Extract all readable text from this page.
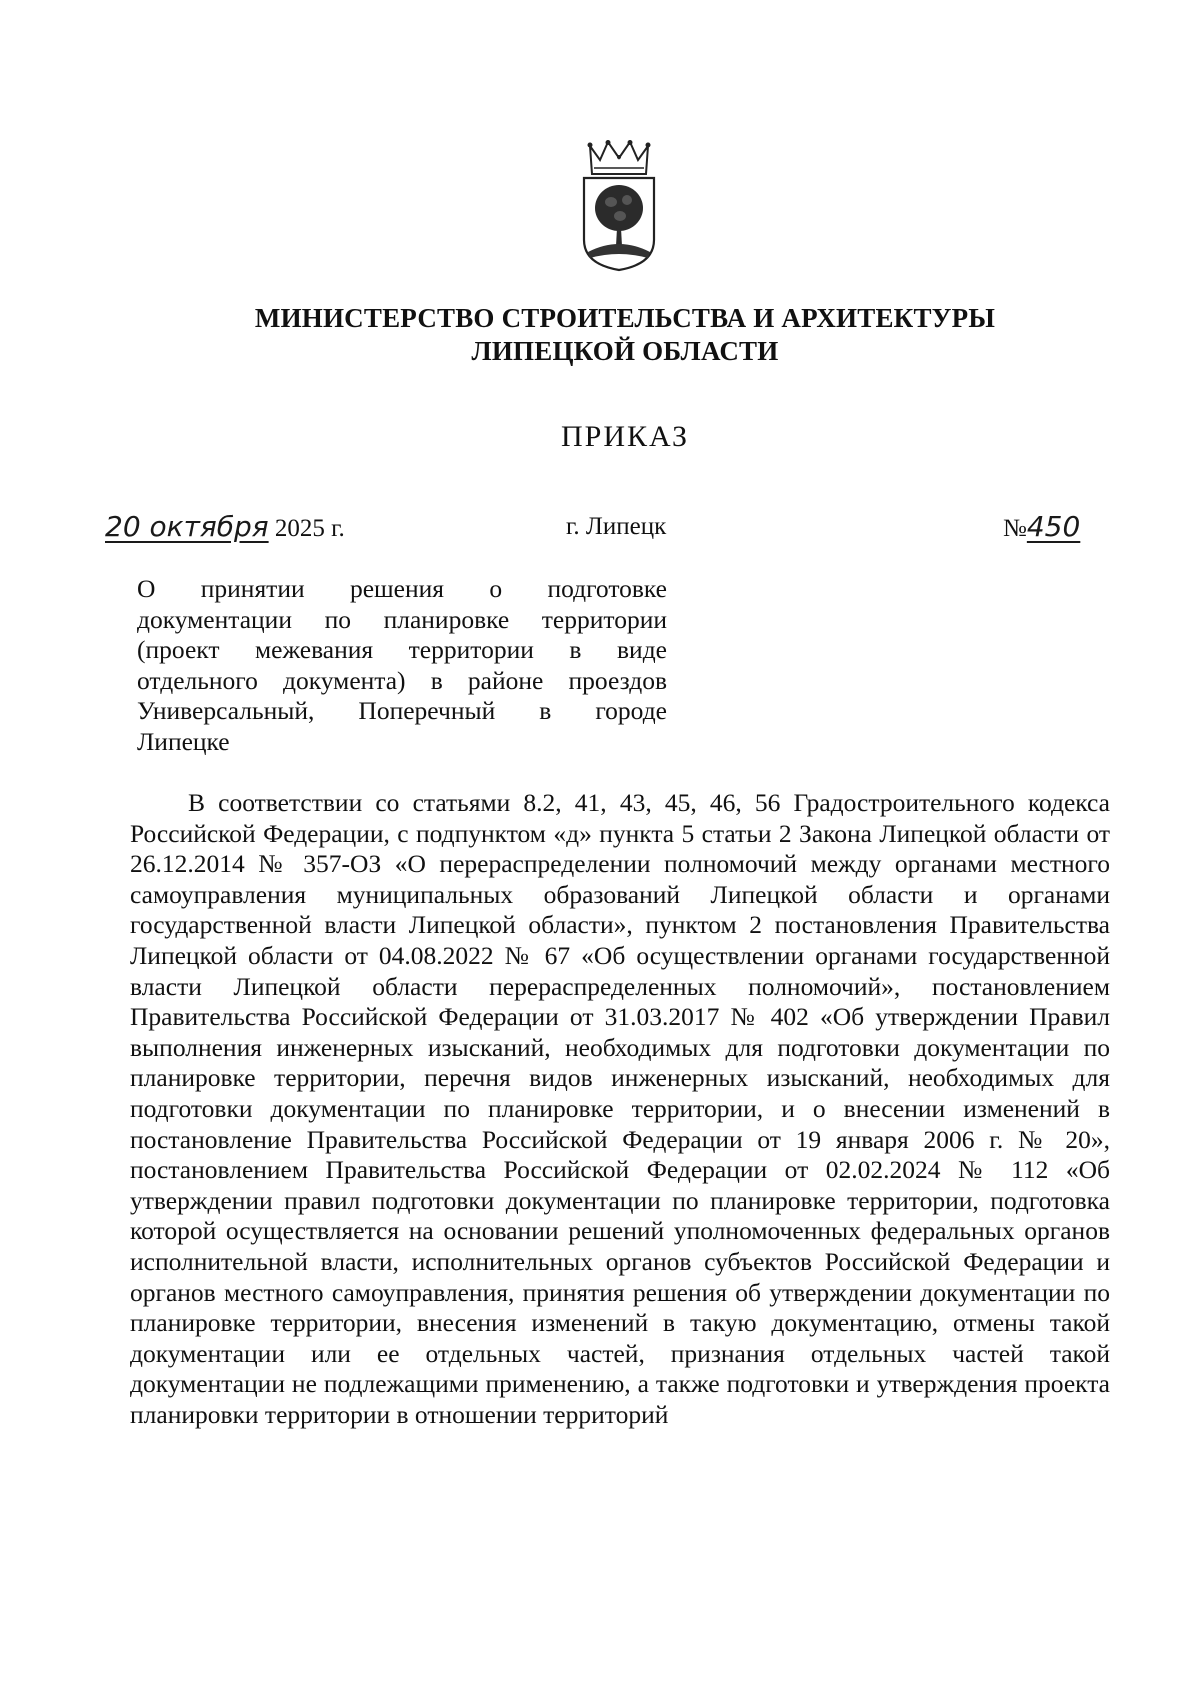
МИНИСТЕРСТВО СТРОИТЕЛЬСТВА И АРХИТЕКТУРЫ
ЛИПЕЦКОЙ ОБЛАСТИ
ПРИКАЗ
20 октября 2025 г.	г. Липецк	№450
О принятии решения о подготовке документации по планировке территории (проект межевания территории в виде отдельного документа) в районе проездов Универсальный, Поперечный в городе
Липецке

В соответствии со статьями 8.2, 41, 43, 45, 46, 56 Градостроительного кодекса Российской Федерации, с подпунктом «д» пункта 5 статьи 2 Закона Липецкой области от 26.12.2014 № 357-ОЗ «О перераспределении полномочий между органами местного самоуправления муниципальных образований Липецкой области и органами государственной власти Липецкой области», пунктом 2 постановления Правительства Липецкой области от 04.08.2022 № 67 «Об осуществлении органами государственной власти Липецкой области перераспределенных полномочий», постановлением Правительства Российской Федерации от 31.03.2017 № 402 «Об утверждении Правил выполнения инженерных изысканий, необходимых для подготовки документации по планировке территории, перечня видов инженерных изысканий, необходимых для подготовки документации по планировке территории, и о внесении изменений в постановление Правительства Российской Федерации от 19 января 2006 г. № 20», постановлением Правительства Российской Федерации от 02.02.2024 № 112 «Об утверждении правил подготовки документации по планировке территории, подготовка которой осуществляется на основании решений уполномоченных федеральных органов исполнительной власти, исполнительных органов субъектов Российской Федерации и органов местного самоуправления, принятия решения об утверждении документации по планировке территории, внесения изменений в такую документацию, отмены такой документации или ее отдельных частей, признания отдельных частей такой документации не подлежащими применению, а также подготовки и утверждения проекта планировки территории в отношении территорий
